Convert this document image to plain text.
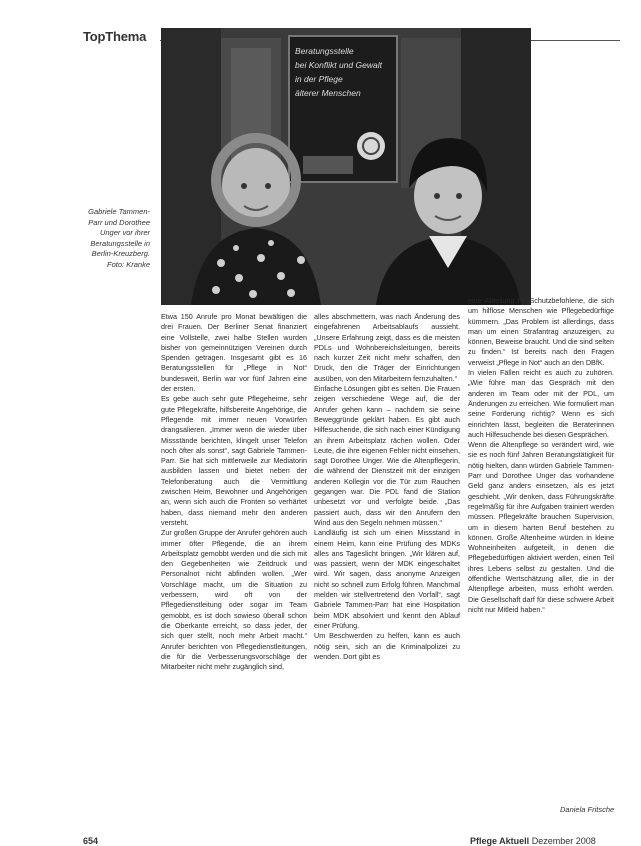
TopThema
Beratungsstelle
bei Konflikt und Gewalt
in der Pflege
älterer Menschen
Gabriele Tammen-Parr und Dorothee Unger vor ihrer Beratungsstelle in Berlin-Kreuzberg. Foto: Kranke

Etwa 150 Anrufe pro Monat bewältigen die drei Frauen. Der Berliner Senat finanziert eine Vollstelle, zwei halbe Stellen wurden bisher von gemeinnützigen Vereinen durch Spenden getragen. Insgesamt gibt es 16 Beratungsstellen für „Pflege in Not“ bundesweit, Berlin war vor fünf Jahren eine der ersten.

Es gebe auch sehr gute Pflegeheime, sehr gute Pflegekräfte, hilfsbereite Angehörige, die Pflegende mit immer neuen Vorwürfen drangsalieren. „Immer wenn die wieder über Missstände berichten, klingelt unser Telefon noch öfter als sonst“, sagt Gabriele Tammen-Parr. Sie hat sich mittlerweile zur Mediatorin ausbilden lassen und bietet neben der Telefonberatung auch die Vermittlung zwischen Heim, Bewohner und Angehörigen an, wenn sich auch die Fronten so verhärtet haben, dass niemand mehr den anderen versteht.

Zur großen Gruppe der Anrufer gehören auch immer öfter Pflegende, die an ihrem Arbeitsplatz gemobbt werden und die sich mit den Gegebenheiten wie Zeitdruck und Personalnot nicht abfinden wollen. „Wer Vorschläge macht, um die Situation zu verbessern, wird oft von der Pflegedienstleitung oder sogar im Team gemobbt, es ist doch sowieso überall schon die Oberkante erreicht, so dass jeder, der sich quer stellt, noch mehr Arbeit macht.“ Anrufer berichten von Pflegedienstleitungen, die für die Verbesserungsvorschläge der Mitarbeiter nicht mehr zugänglich sind,

alles abschmettern, was nach Änderung des eingefahrenen Arbeitsablaufs aussieht. „Unsere Erfahrung zeigt, dass es die meisten PDLs und Wohnbereichsleitungen, bereits nach kurzer Zeit nicht mehr schaffen, den Druck, den die Träger der Einrichtungen ausüben, von den Mitarbeitern fernzuhalten.“

Einfache Lösungen gibt es selten. Die Frauen zeigen verschiedene Wege auf, die der Anrufer gehen kann – nachdem sie seine Beweggründe geklärt haben. Es gibt auch Hilfesuchende, die sich nach einer Kündigung an ihrem Arbeitsplatz rächen wollen. Oder Leute, die ihre eigenen Fehler nicht einsehen, sagt Dorothee Unger. Wie die Altenpflegerin, die während der Dienstzeit mit der einzigen anderen Kollegin vor die Tür zum Rauchen gegangen war. Die PDL fand die Station unbesetzt vor und verfolgte beide. „Das passiert auch, dass wir den Anrufern den Wind aus den Segeln nehmen müssen.“

Landläufig ist sich um einen Missstand in einem Heim, kann eine Prüfung des MDKs alles ans Tageslicht bringen. „Wir klären auf, was passiert, wenn der MDK eingeschaltet wird. Wir sagen, dass anonyme Anzeigen nicht so schnell zum Erfolg führen. Manchmal melden wir stellvertretend den Vorfall“, sagt Gabriele Tammen-Parr hat eine Hospitation beim MDK absolviert und kennt den Ablauf einer Prüfung.

Um Beschwerden zu helfen, kann es auch nötig sein, sich an die Kriminalpolizei zu wenden. Dort gibt es

eine Abteilung für Schutzbefohlene, die sich um hilflose Menschen wie Pflegebedürftige kümmern. „Das Problem ist allerdings, dass man um einen Strafantrag anzuzeigen, zu können, Beweise braucht. Und die sind selten zu finden.“ Ist bereits nach den Fragen verweist „Pflege in Not“ auch an den DBfK.

In vielen Fällen reicht es auch zu zuhören. „Wie führe man das Gespräch mit den anderen im Team oder mit der PDL, um Änderungen zu erreichen. Wie formuliert man seine Forderung richtig? Wenn es sich einrichten lässt, begleiten die Beraterinnen auch Hilfesuchende bei diesen Gesprächen.

Wenn die Altenpflege so verändert wird, wie sie es noch fünf Jahren Beratungstätigkeit für nötig hielten, dann würden Gabriele Tammen-Parr und Dorothee Unger das vorhandene Geld ganz anders einsetzen, als es jetzt geschieht. „Wir denken, dass Führungskräfte regelmäßig für ihre Aufgaben trainiert werden müssen. Pflegekräfte brauchen Supervision, um in diesem harten Beruf bestehen zu können. Große Altenheime würden in kleine Wohneinheiten aufgeteilt, in denen die Pflegebedürftigen aktiviert werden, einen Teil ihres Lebens selbst zu gestalten. Und die öffentliche Wertschätzung aller, die in der Altenpflege arbeiten, muss erhöht werden. Die Gesellschaft darf für diese schwere Arbeit nicht nur Mitleid haben.“

Daniela Fritsche
654	Pflege Aktuell Dezember 2008
